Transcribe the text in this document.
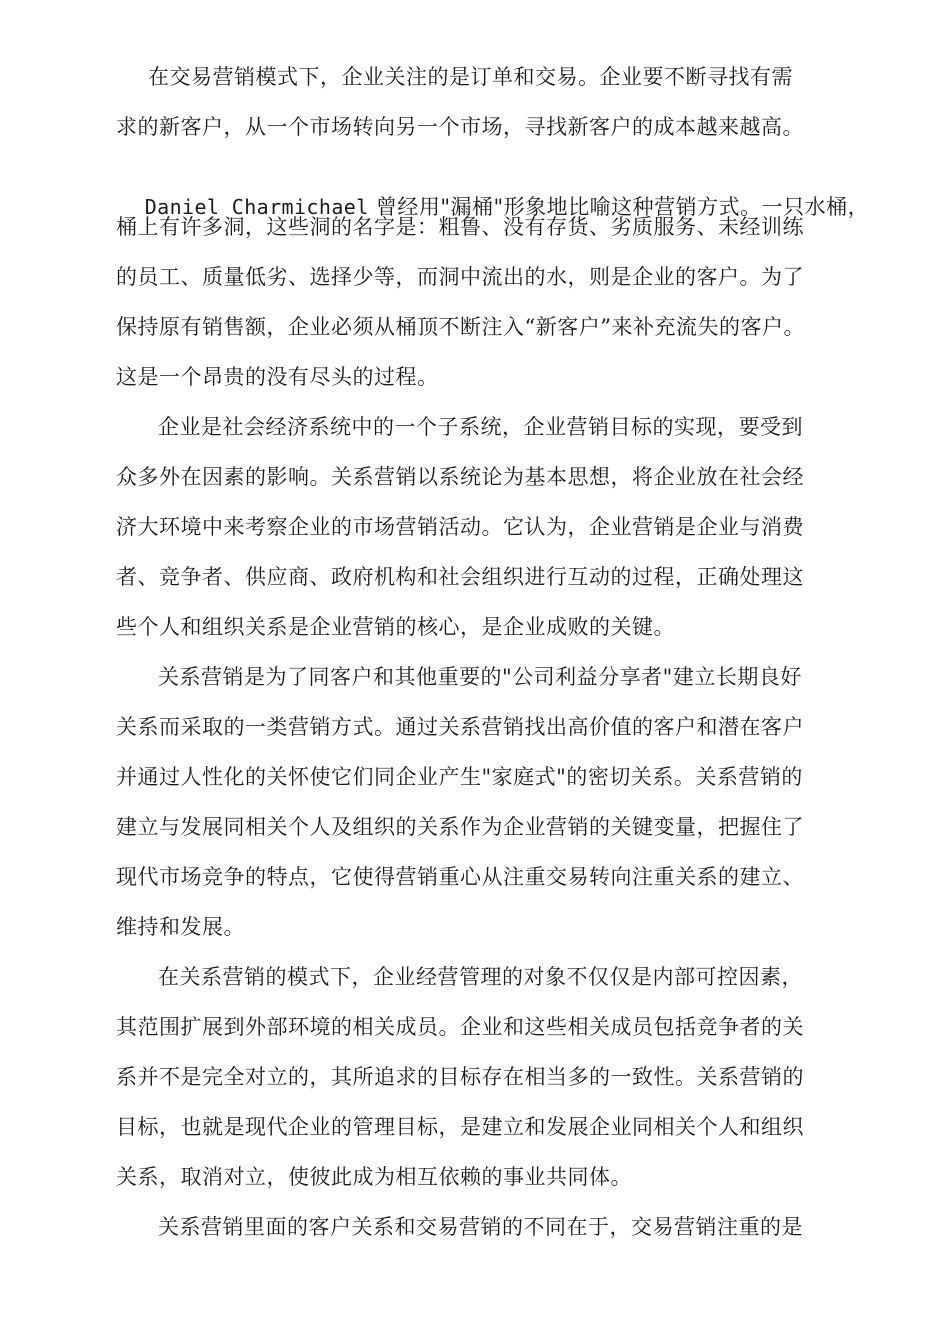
在交易营销模式下，企业关注的是订单和交易。企业要不断寻找有需
求的新客户，从一个市场转向另一个市场，寻找新客户的成本越来越高。

Daniel Charmichael 曾经用"漏桶"形象地比喻这种营销方式。一只水桶，

桶上有许多洞，这些洞的名字是：粗鲁、没有存货、劣质服务、未经训练
的员工、质量低劣、选择少等，而洞中流出的水，则是企业的客户。为了
保持原有销售额，企业必须从桶顶不断注入“新客户”来补充流失的客户。
这是一个昂贵的没有尽头的过程。
企业是社会经济系统中的一个子系统，企业营销目标的实现，要受到
众多外在因素的影响。关系营销以系统论为基本思想，将企业放在社会经
济大环境中来考察企业的市场营销活动。它认为，企业营销是企业与消费
者、竞争者、供应商、政府机构和社会组织进行互动的过程，正确处理这
些个人和组织关系是企业营销的核心，是企业成败的关键。
关系营销是为了同客户和其他重要的"公司利益分享者"建立长期良好
关系而采取的一类营销方式。通过关系营销找出高价值的客户和潜在客户
并通过人性化的关怀使它们同企业产生"家庭式"的密切关系。关系营销的
建立与发展同相关个人及组织的关系作为企业营销的关键变量，把握住了
现代市场竞争的特点，它使得营销重心从注重交易转向注重关系的建立、
维持和发展。
在关系营销的模式下，企业经营管理的对象不仅仅是内部可控因素，
其范围扩展到外部环境的相关成员。企业和这些相关成员包括竞争者的关
系并不是完全对立的，其所追求的目标存在相当多的一致性。关系营销的
目标，也就是现代企业的管理目标，是建立和发展企业同相关个人和组织
关系，取消对立，使彼此成为相互依赖的事业共同体。
关系营销里面的客户关系和交易营销的不同在于，交易营销注重的是
